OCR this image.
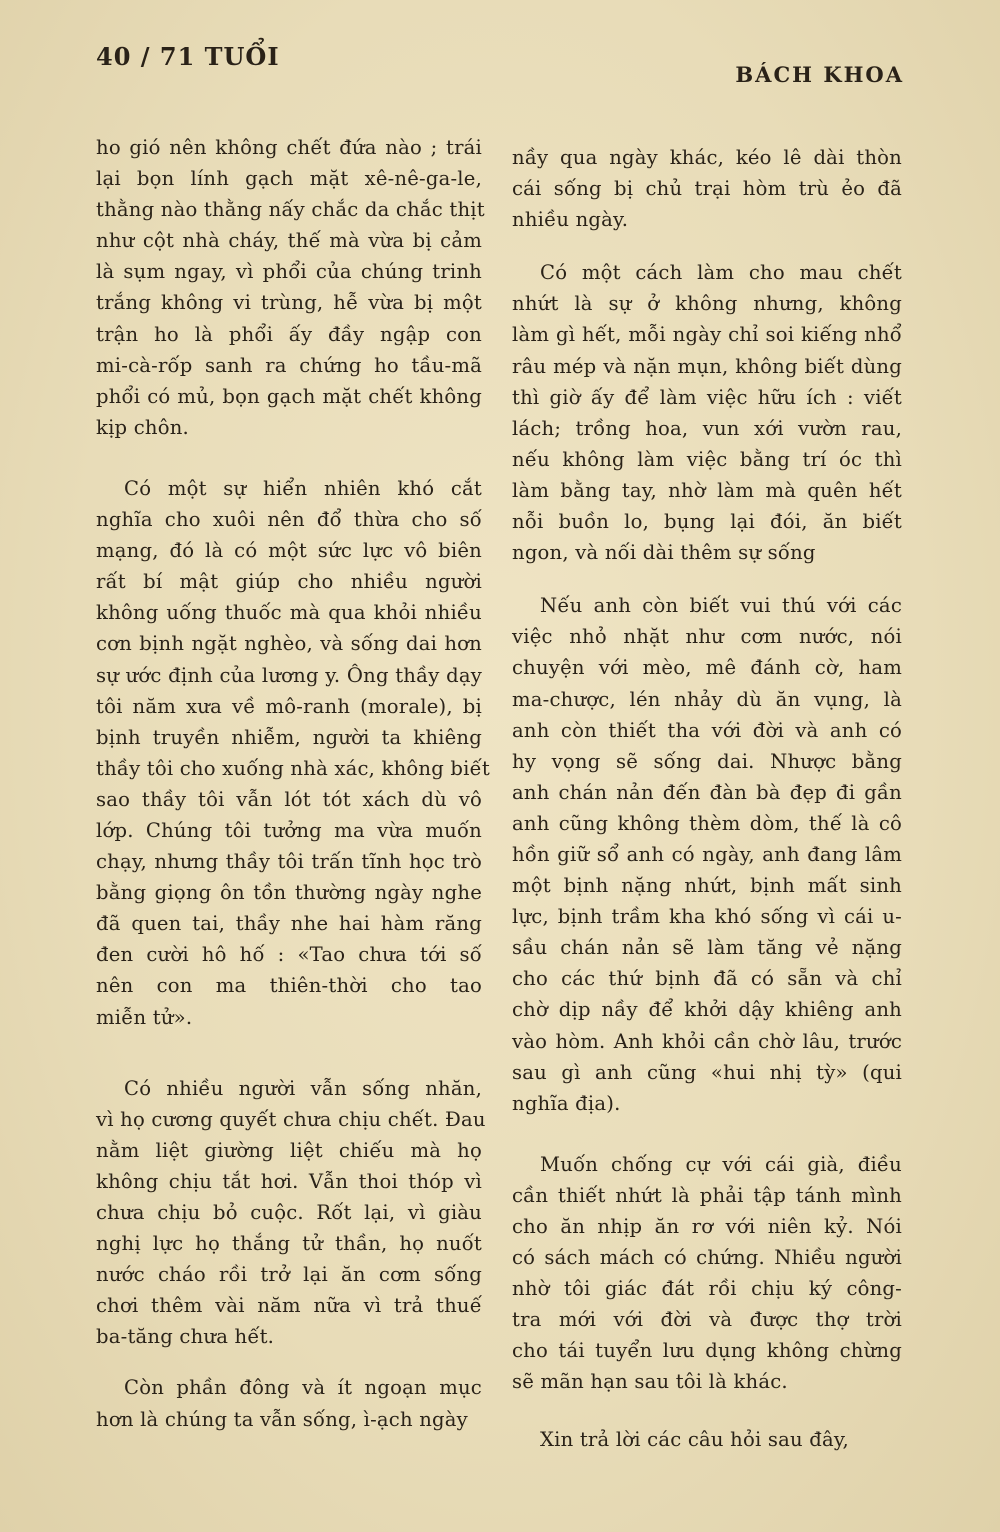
40 / 71 TUỔI
BÁCH KHOA
ho gió nên không chết đứa nào ; trái
lại bọn lính gạch mặt xê-nê-ga-le,
thằng nào thằng nấy chắc da chắc thịt
như cột nhà cháy, thế mà vừa bị cảm
là sụm ngay, vì phổi của chúng trinh
trắng không vi trùng, hễ vừa bị một
trận ho là phổi ấy đầy ngập con
mi-cà-rốp sanh ra chứng ho tầu-mã
phổi có mủ, bọn gạch mặt chết không
kịp chôn.
Có một sự hiển nhiên khó cắt
nghĩa cho xuôi nên đổ thừa cho số
mạng, đó là có một sức lực vô biên
rất bí mật giúp cho nhiều người
không uống thuốc mà qua khỏi nhiều
cơn bịnh ngặt nghèo, và sống dai hơn
sự ước định của lương y. Ông thầy dạy
tôi năm xưa về mô-ranh (morale), bị
bịnh truyền nhiễm, người ta khiêng
thầy tôi cho xuống nhà xác, không biết
sao thầy tôi vẫn lót tót xách dù vô
lớp. Chúng tôi tưởng ma vừa muốn
chạy, nhưng thầy tôi trấn tĩnh học trò
bằng giọng ôn tồn thường ngày nghe
đã quen tai, thầy nhe hai hàm răng
đen cười hô hố : «Tao chưa tới số
nên con ma thiên-thời cho tao
miễn tử».
Có nhiều người vẫn sống nhăn,
vì họ cương quyết chưa chịu chết. Đau
nằm liệt giường liệt chiếu mà họ
không chịu tắt hơi. Vẫn thoi thóp vì
chưa chịu bỏ cuộc. Rốt lại, vì giàu
nghị lực họ thắng tử thần, họ nuốt
nước cháo rồi trở lại ăn cơm sống
chơi thêm vài năm nữa vì trả thuế
ba-tăng chưa hết.
Còn phần đông và ít ngoạn mục
hơn là chúng ta vẫn sống, ì-ạch ngày
nầy qua ngày khác, kéo lê dài thòn
cái sống bị chủ trại hòm trù ẻo đã
nhiều ngày.
Có một cách làm cho mau chết
nhứt là sự ở không nhưng, không
làm gì hết, mỗi ngày chỉ soi kiếng nhổ
râu mép và nặn mụn, không biết dùng
thì giờ ấy để làm việc hữu ích : viết
lách; trồng hoa, vun xới vườn rau,
nếu không làm việc bằng trí óc thì
làm bằng tay, nhờ làm mà quên hết
nỗi buồn lo, bụng lại đói, ăn biết
ngon, và nối dài thêm sự sống
Nếu anh còn biết vui thú với các
việc nhỏ nhặt như cơm nước, nói
chuyện với mèo, mê đánh cờ, ham
ma-chược, lén nhảy dù ăn vụng, là
anh còn thiết tha với đời và anh có
hy vọng sẽ sống dai. Nhược bằng
anh chán nản đến đàn bà đẹp đi gần
anh cũng không thèm dòm, thế là cô
hồn giữ sổ anh có ngày, anh đang lâm
một bịnh nặng nhứt, bịnh mất sinh
lực, bịnh trầm kha khó sống vì cái u-
sầu chán nản sẽ làm tăng vẻ nặng
cho các thứ bịnh đã có sẵn và chỉ
chờ dịp nầy để khởi dậy khiêng anh
vào hòm. Anh khỏi cần chờ lâu, trước
sau gì anh cũng «hui nhị tỳ» (qui
nghĩa địa).
Muốn chống cự với cái già, điều
cần thiết nhứt là phải tập tánh mình
cho ăn nhịp ăn rơ với niên kỷ. Nói
có sách mách có chứng. Nhiều người
nhờ tôi giác đát rồi chịu ký công-
tra mới với đời và được thợ trời
cho tái tuyển lưu dụng không chừng
sẽ mãn hạn sau tôi là khác.
Xin trả lời các câu hỏi sau đây,
